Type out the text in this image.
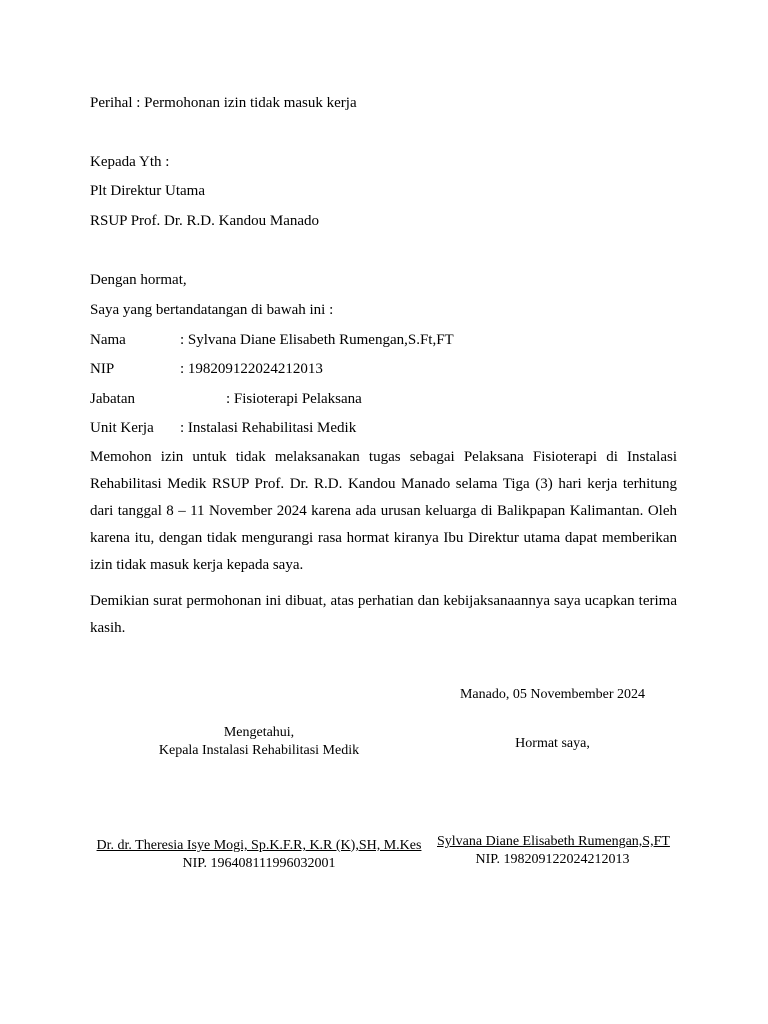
Perihal : Permohonan izin tidak masuk kerja
Kepada Yth :
Plt Direktur Utama
RSUP Prof. Dr. R.D. Kandou Manado
Dengan hormat,
Saya yang bertandatangan di bawah ini :
Nama	: Sylvana Diane Elisabeth Rumengan,S.Ft,FT
NIP	: 198209122024212013
Jabatan	: Fisioterapi Pelaksana
Unit Kerja : Instalasi Rehabilitasi Medik

Memohon izin untuk tidak melaksanakan tugas sebagai Pelaksana Fisioterapi di Instalasi Rehabilitasi Medik RSUP Prof. Dr. R.D. Kandou Manado selama Tiga (3) hari kerja terhitung dari tanggal 8 – 11 November 2024 karena ada urusan keluarga di Balikpapan Kalimantan. Oleh karena itu, dengan tidak mengurangi rasa hormat kiranya Ibu Direktur utama dapat memberikan izin tidak masuk kerja kepada saya.

Demikian surat permohonan ini dibuat, atas perhatian dan kebijaksanaannya saya ucapkan terima kasih.

Manado, 05 Novembember 2024
Mengetahui,
Kepala Instalasi Rehabilitasi Medik
Dr. dr. Theresia Isye Mogi, Sp.K.F.R, K.R (K),SH, M.Kes
NIP. 196408111996032001
Hormat saya,
Sylvana Diane Elisabeth Rumengan,S,FT
NIP. 198209122024212013
